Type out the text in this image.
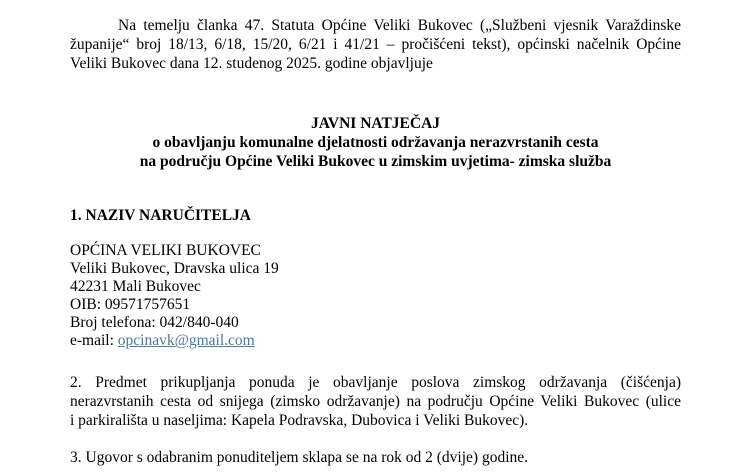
Na temelju članka 47. Statuta Općine Veliki Bukovec („Službeni vjesnik Varaždinske
županije“ broj 18/13, 6/18, 15/20, 6/21 i 41/21 – pročišćeni tekst), općinski načelnik Općine
Veliki Bukovec dana 12. studenog 2025. godine objavljuje
JAVNI NATJEČAJ
o obavljanju komunalne djelatnosti održavanja nerazvrstanih cesta
na području Općine Veliki Bukovec u zimskim uvjetima- zimska služba

1. NAZIV NARUČITELJA

OPĆINA VELIKI BUKOVEC
Veliki Bukovec, Dravska ulica 19
42231 Mali Bukovec
OIB: 09571757651
Broj telefona: 042/840-040
e-mail: opcinavk@gmail.com
2. Predmet prikupljanja ponuda je obavljanje poslova zimskog održavanja (čišćenja)
nerazvrstanih cesta od snijega (zimsko održavanje) na području Općine Veliki Bukovec (ulice
i parkirališta u naseljima: Kapela Podravska, Dubovica i Veliki Bukovec).
3. Ugovor s odabranim ponuditeljem sklapa se na rok od 2 (dvije) godine.
